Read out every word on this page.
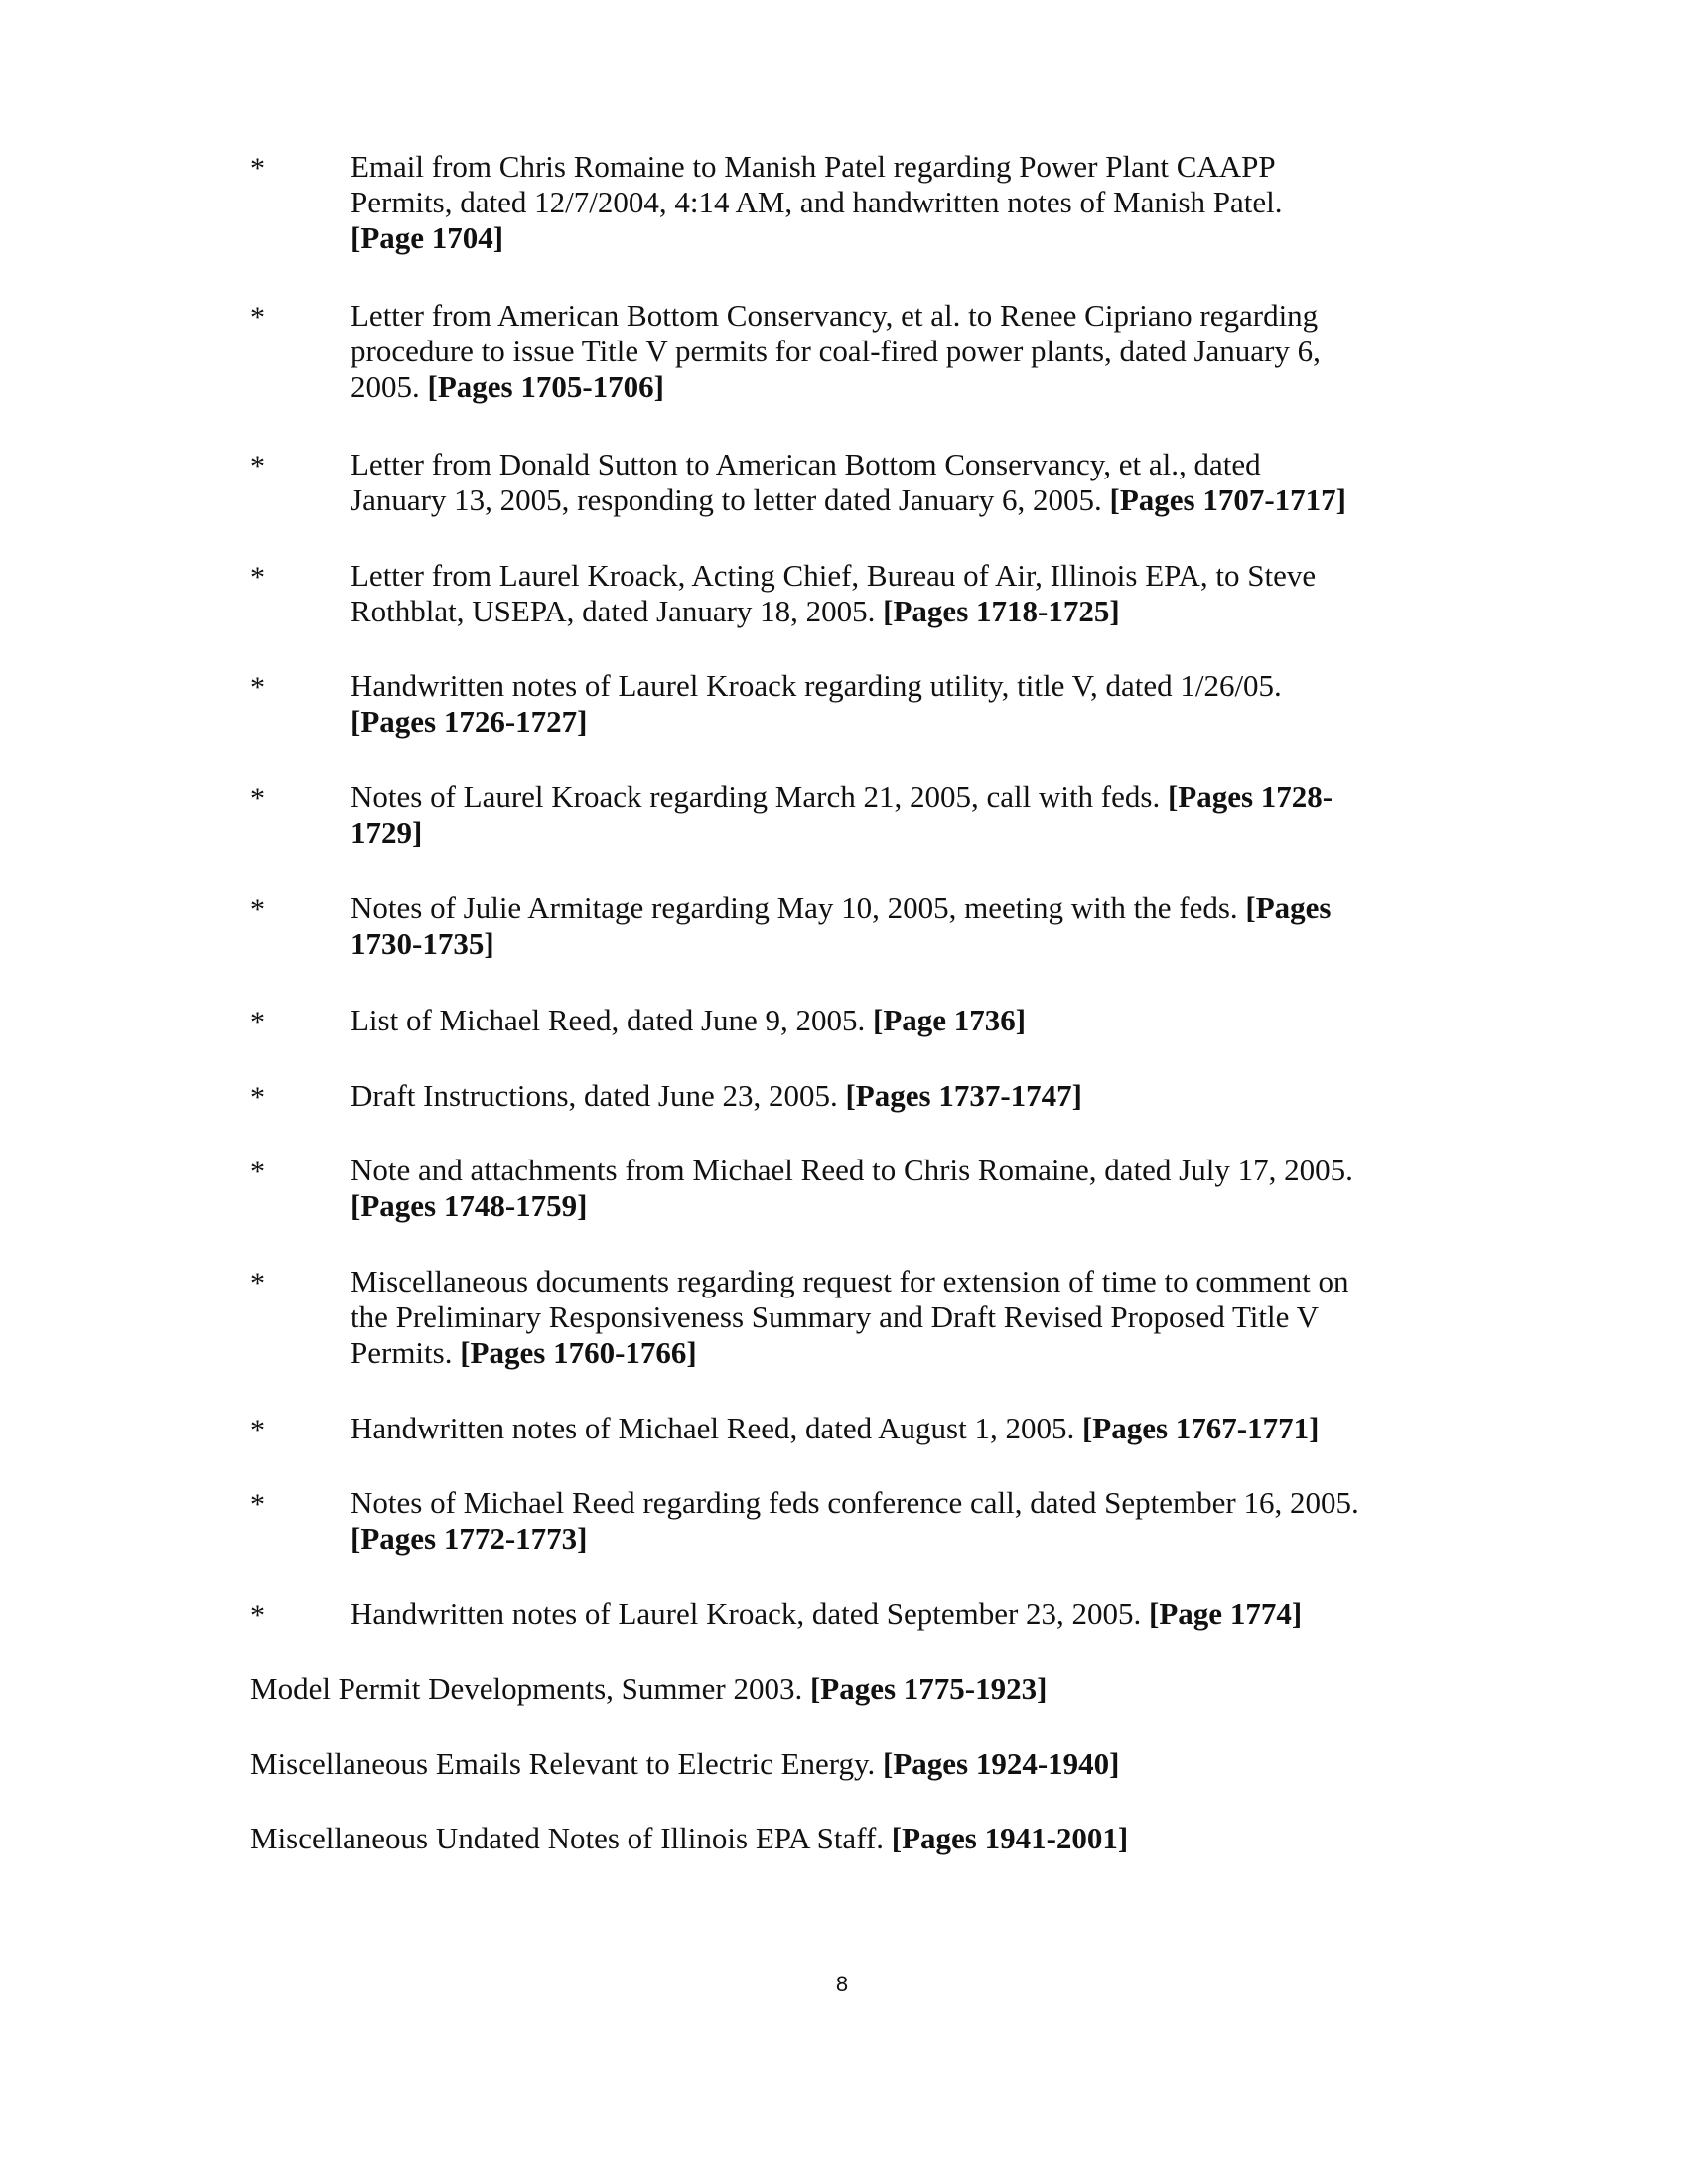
*	Email from Chris Romaine to Manish Patel regarding Power Plant CAAPP
Permits, dated 12/7/2004, 4:14 AM, and handwritten notes of Manish Patel.
[Page 1704]
*	Letter from American Bottom Conservancy, et al. to Renee Cipriano regarding
procedure to issue Title V permits for coal-fired power plants, dated January 6,
2005. [Pages 1705-1706]
*	Letter from Donald Sutton to American Bottom Conservancy, et al., dated
January 13, 2005, responding to letter dated January 6, 2005. [Pages 1707-1717]
*	Letter from Laurel Kroack, Acting Chief, Bureau of Air, Illinois EPA, to Steve
Rothblat, USEPA, dated January 18, 2005. [Pages 1718-1725]
*	Handwritten notes of Laurel Kroack regarding utility, title V, dated 1/26/05.
[Pages 1726-1727]
*	Notes of Laurel Kroack regarding March 21, 2005, call with feds. [Pages 1728-
1729]
*	Notes of Julie Armitage regarding May 10, 2005, meeting with the feds. [Pages
1730-1735]
*	List of Michael Reed, dated June 9, 2005. [Page 1736]
*	Draft Instructions, dated June 23, 2005. [Pages 1737-1747]
*	Note and attachments from Michael Reed to Chris Romaine, dated July 17, 2005.
[Pages 1748-1759]
*	Miscellaneous documents regarding request for extension of time to comment on
the Preliminary Responsiveness Summary and Draft Revised Proposed Title V
Permits. [Pages 1760-1766]
*	Handwritten notes of Michael Reed, dated August 1, 2005. [Pages 1767-1771]
*	Notes of Michael Reed regarding feds conference call, dated September 16, 2005.
[Pages 1772-1773]
*	Handwritten notes of Laurel Kroack, dated September 23, 2005. [Page 1774]
Model Permit Developments, Summer 2003. [Pages 1775-1923]
Miscellaneous Emails Relevant to Electric Energy. [Pages 1924-1940]
Miscellaneous Undated Notes of Illinois EPA Staff. [Pages 1941-2001]
8
